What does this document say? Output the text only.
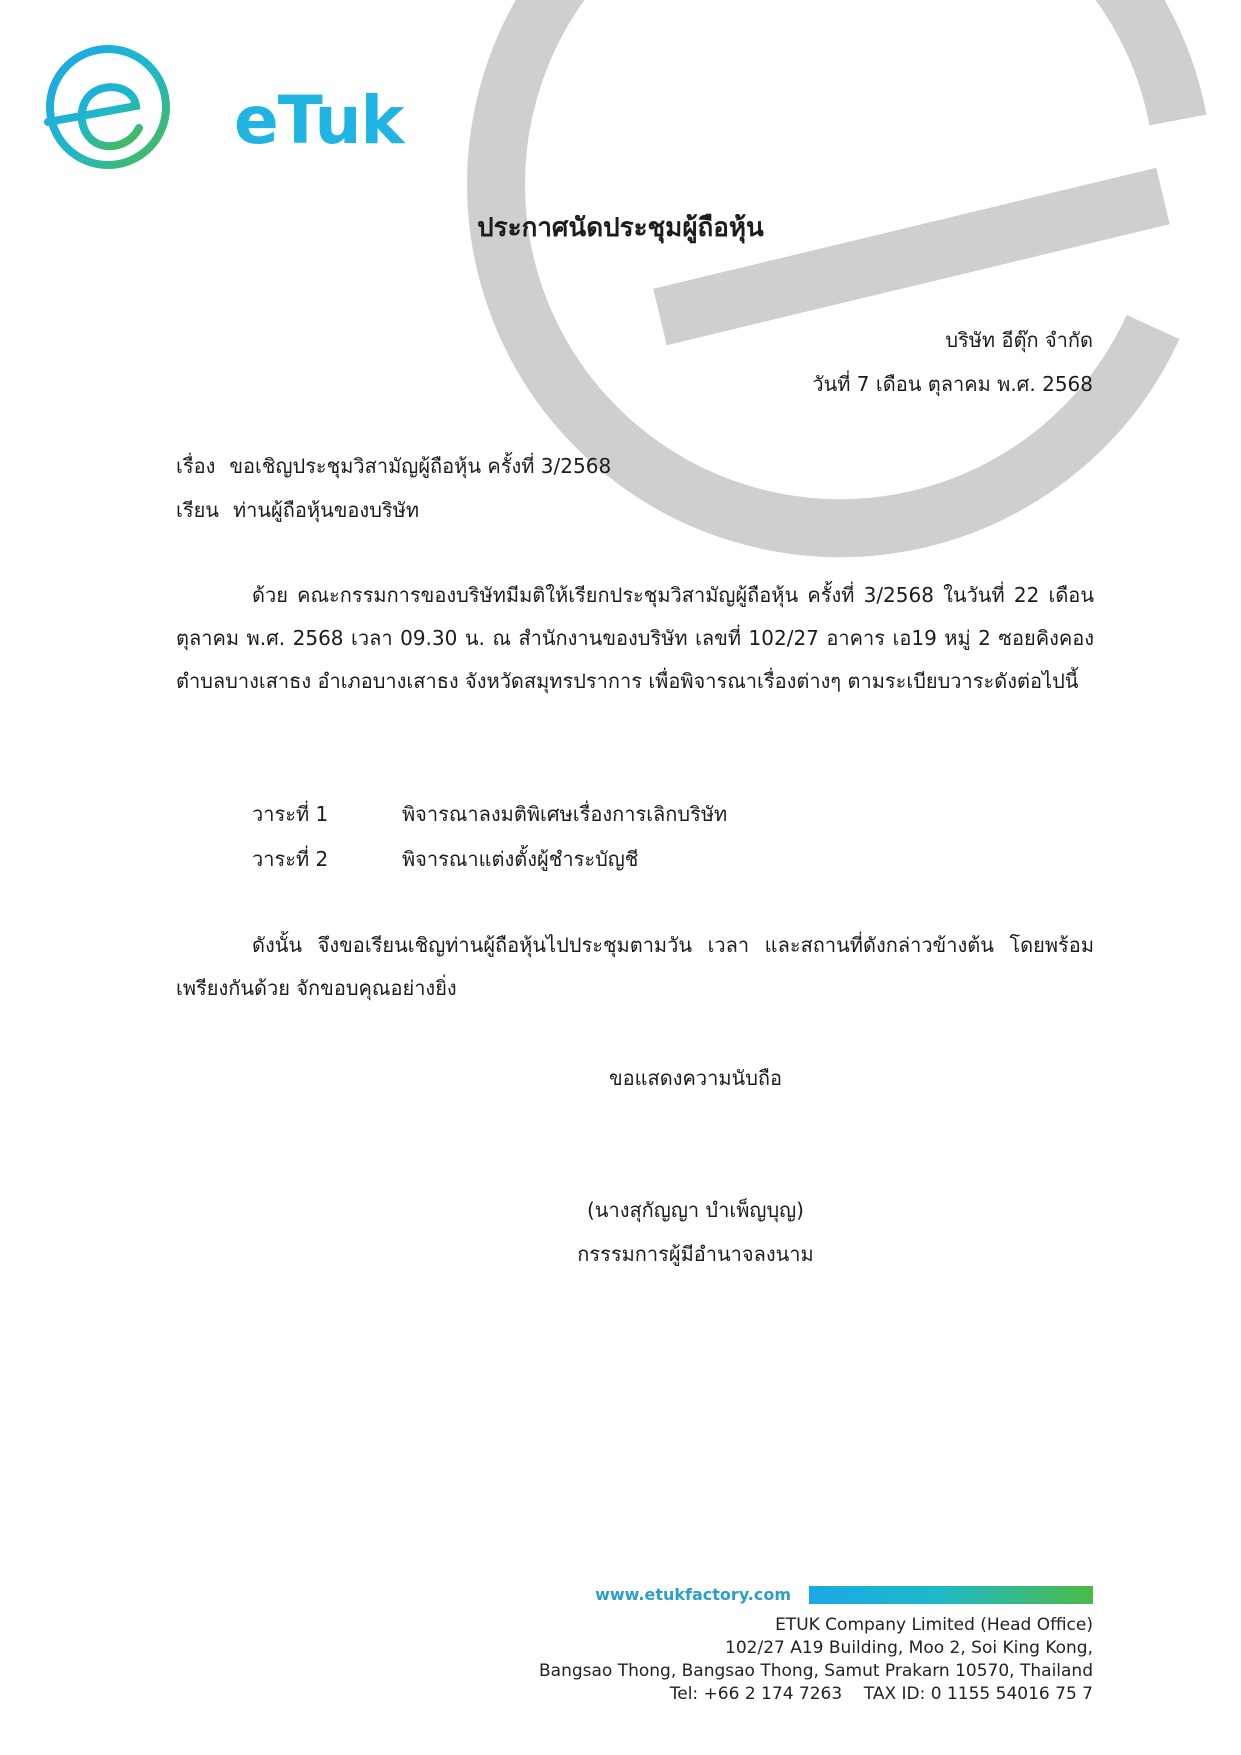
eTuk
ประกาศนัดประชุมผู้ถือหุ้น
บริษัท อีตุ๊ก จำกัด
วันที่ 7 เดือน ตุลาคม พ.ศ. 2568
เรื่อง ขอเชิญประชุมวิสามัญผู้ถือหุ้น ครั้งที่ 3/2568
เรียน ท่านผู้ถือหุ้นของบริษัท
ด้วย คณะกรรมการของบริษัทมีมติให้เรียกประชุมวิสามัญผู้ถือหุ้น ครั้งที่ 3/2568 ในวันที่ 22 เดือน ตุลาคม พ.ศ. 2568 เวลา 09.30 น. ณ สำนักงานของบริษัท เลขที่ 102/27 อาคาร เอ19 หมู่ 2 ซอยคิงคอง ตำบลบางเสาธง อำเภอบางเสาธง จังหวัดสมุทรปราการ เพื่อพิจารณาเรื่องต่างๆ ตามระเบียบวาระดังต่อไปนี้
วาระที่ 1	พิจารณาลงมติพิเศษเรื่องการเลิกบริษัท
วาระที่ 2	พิจารณาแต่งตั้งผู้ชำระบัญชี
ดังนั้น จึงขอเรียนเชิญท่านผู้ถือหุ้นไปประชุมตามวัน เวลา และสถานที่ดังกล่าวข้างต้น โดยพร้อมเพรียงกันด้วย จักขอบคุณอย่างยิ่ง
ขอแสดงความนับถือ
(นางสุกัญญา บำเพ็ญบุญ)
กรรรมการผู้มีอำนาจลงนาม
www.etukfactory.com
ETUK Company Limited (Head Office)
102/27 A19 Building, Moo 2, Soi King Kong,
Bangsao Thong, Bangsao Thong, Samut Prakarn 10570, Thailand
Tel: +66 2 174 7263    TAX ID: 0 1155 54016 75 7
